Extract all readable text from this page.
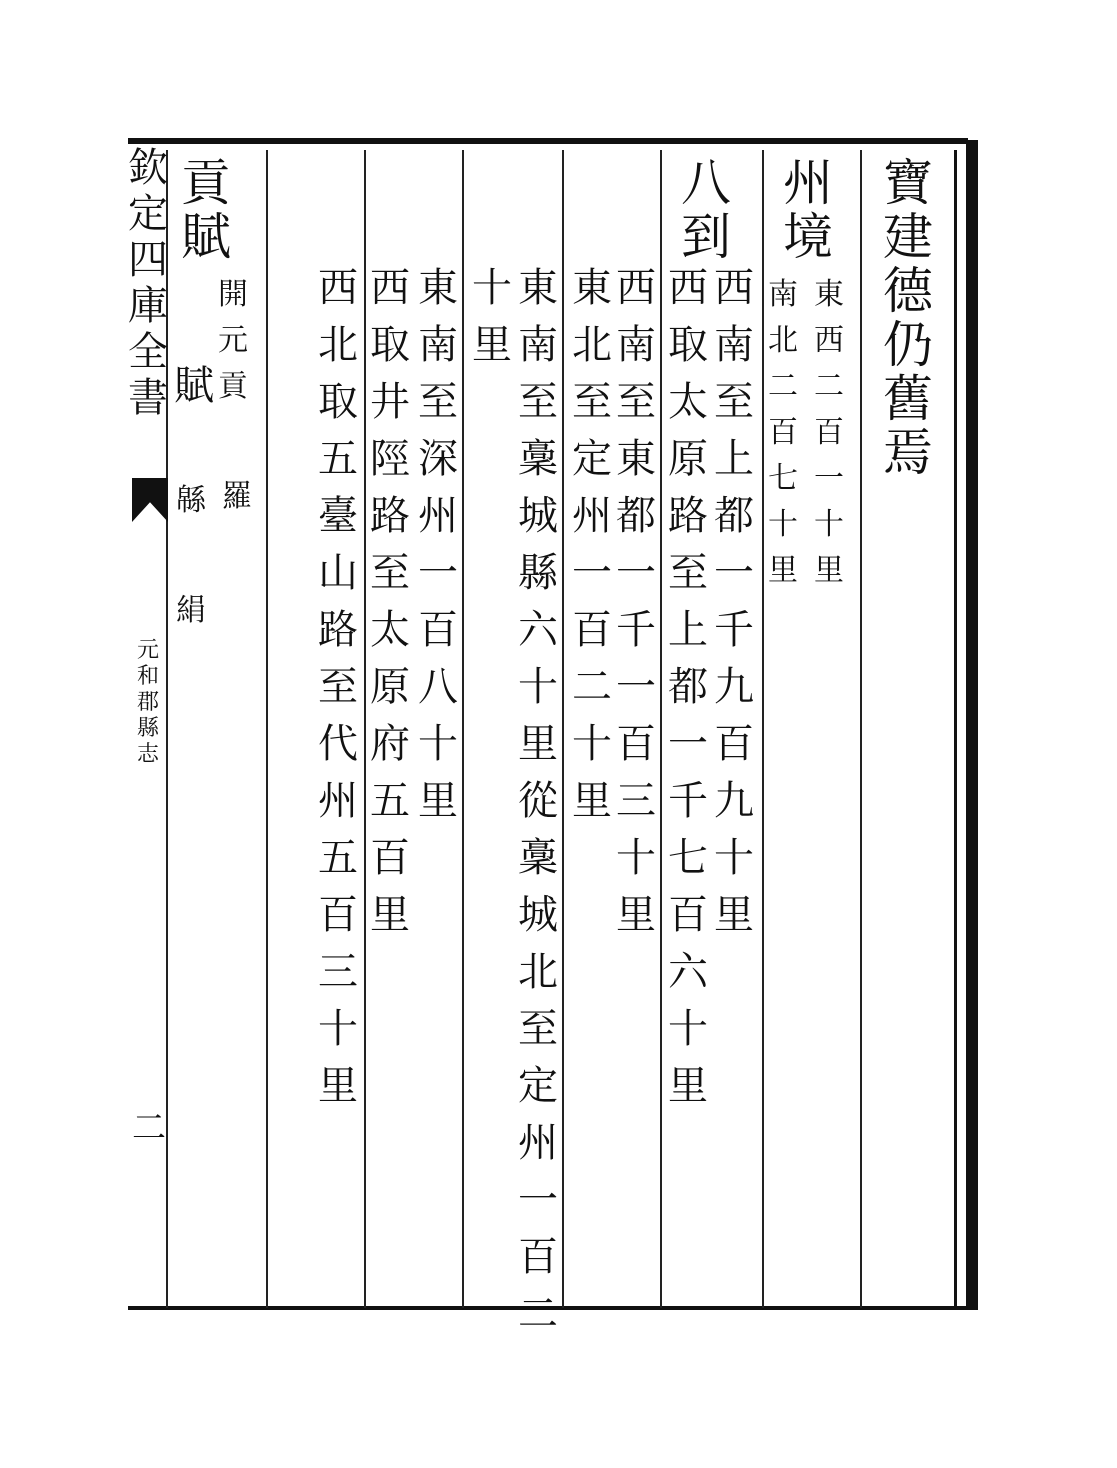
欽
定
四
庫
全
書
元
和
郡
縣
志
二
寶
建
德
仍
舊
焉
州
境
東
西
二
百
一
十
里
南
北
二
百
七
十
里
八
到
西
南
至
上
都
一
千
九
百
九
十
里
西
取
太
原
路
至
上
都
一
千
七
百
六
十
里
西
南
至
東
都
一
千
一
百
三
十
里
東
北
至
定
州
一
百
二
十
里
東
南
至
稾
城
縣
六
十
里
從
稾
城
北
至
定
州
一
百
二
十
里
東
南
至
深
州
一
百
八
十
里
西
取
井
陘
路
至
太
原
府
五
百
里
西
北
取
五
臺
山
路
至
代
州
五
百
三
十
里
貢
賦
開
元
貢
羅
賦
緜
絹
